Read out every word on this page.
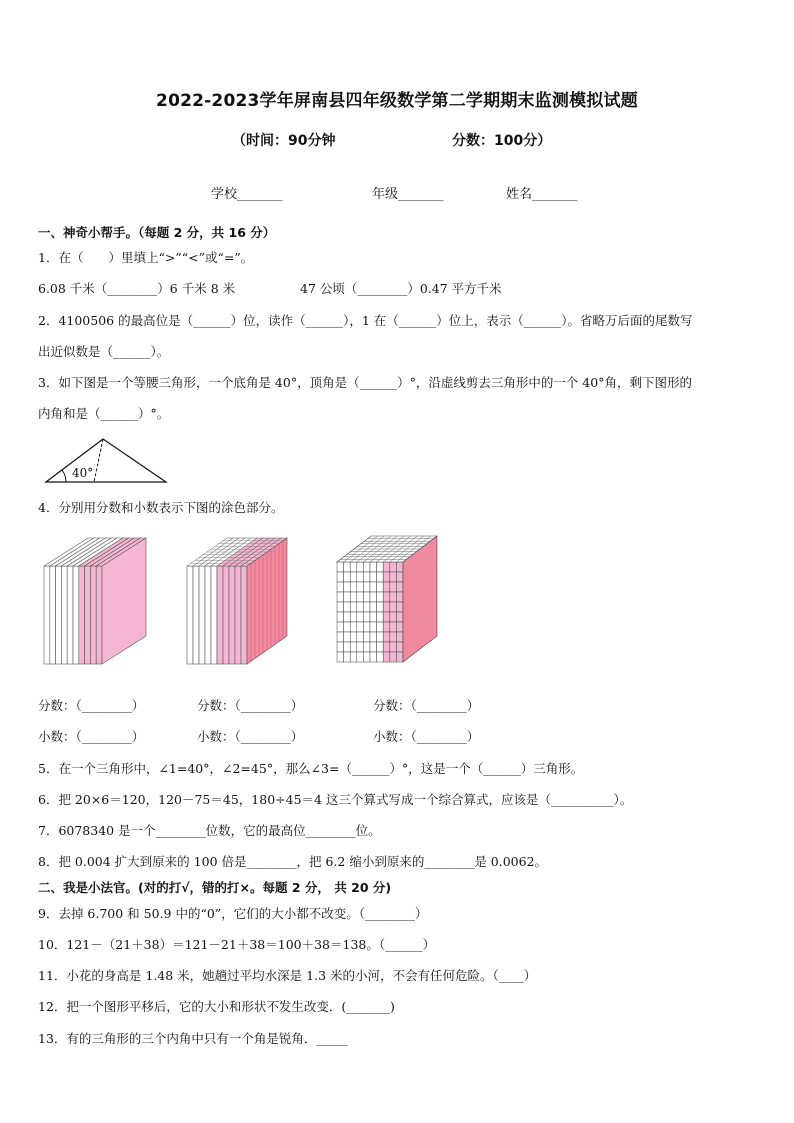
2022-2023学年屏南县四年级数学第二学期期末监测模拟试题
（时间：90分钟	分数：100分）
学校_______	年级_______	姓名_______
一、神奇小帮手。（每题 2 分，共 16 分）
1．在（　　）里填上“>”“<”或“=”。
6.08 千米（________）6 千米 8 米	47 公顷（________）0.47 平方千米
2．4100506 的最高位是（______）位，读作（______），1 在（______）位上，表示（______）。省略万后面的尾数写
出近似数是（______）。
3．如下图是一个等腰三角形，一个底角是 40°，顶角是（______）°，沿虚线剪去三角形中的一个 40°角，剩下图形的
内角和是（______）°。
40°
4．分别用分数和小数表示下图的涂色部分。
分数：（________）	分数：（________）	分数：（________）
小数：（________）	小数：（________）	小数：（________）
5．在一个三角形中，∠1=40°，∠2=45°，那么∠3=（______）°，这是一个（______）三角形。
6．把 20×6＝120，120－75＝45，180÷45＝4 这三个算式写成一个综合算式，应该是（__________）。
7．6078340 是一个________位数，它的最高位________位。
8．把 0.004 扩大到原来的 100 倍是________，把 6.2 缩小到原来的________是 0.0062。
二、我是小法官。(对的打√，错的打×。每题 2 分， 共 20 分)
9．去掉 6.700 和 50.9 中的“0”，它们的大小都不改变。（________）
10．121－（21＋38）＝121－21＋38＝100＋38＝138。（______）
11．小花的身高是 1.48 米，她趟过平均水深是 1.3 米的小河，不会有任何危险。（____）
12．把一个图形平移后，它的大小和形状不发生改变．(_______)
13．有的三角形的三个内角中只有一个角是锐角．_____
